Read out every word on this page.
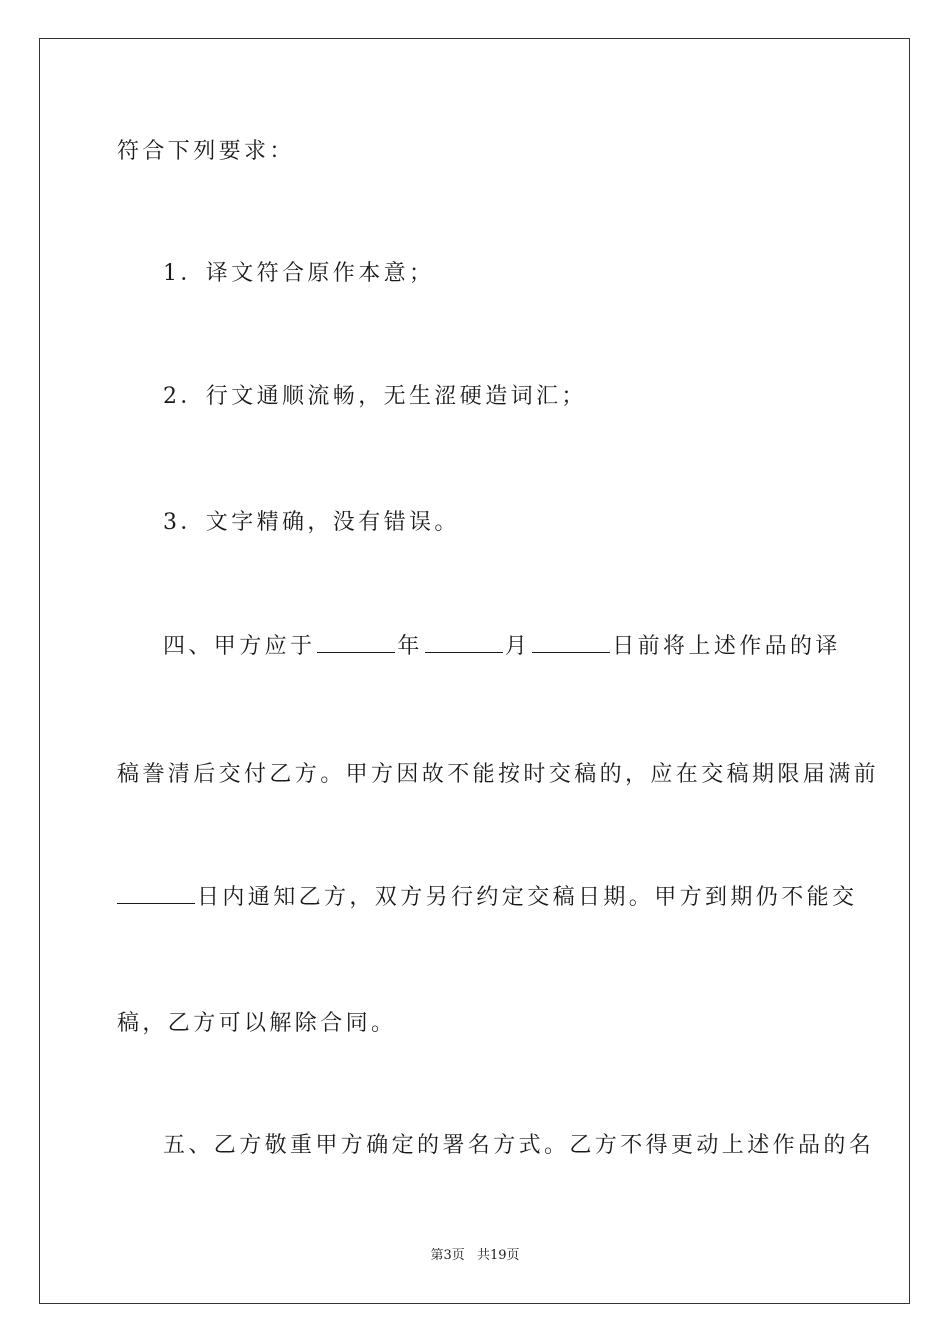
符合下列要求：
1．译文符合原作本意；
2．行文通顺流畅，无生涩硬造词汇；
3．文字精确，没有错误。
四、甲方应于	年	月	日前将上述作品的译
稿誊清后交付乙方。甲方因故不能按时交稿的，应在交稿期限届满前
日内通知乙方，双方另行约定交稿日期。甲方到期仍不能交
稿，乙方可以解除合同。
五、乙方敬重甲方确定的署名方式。乙方不得更动上述作品的名
第3页 共19页
